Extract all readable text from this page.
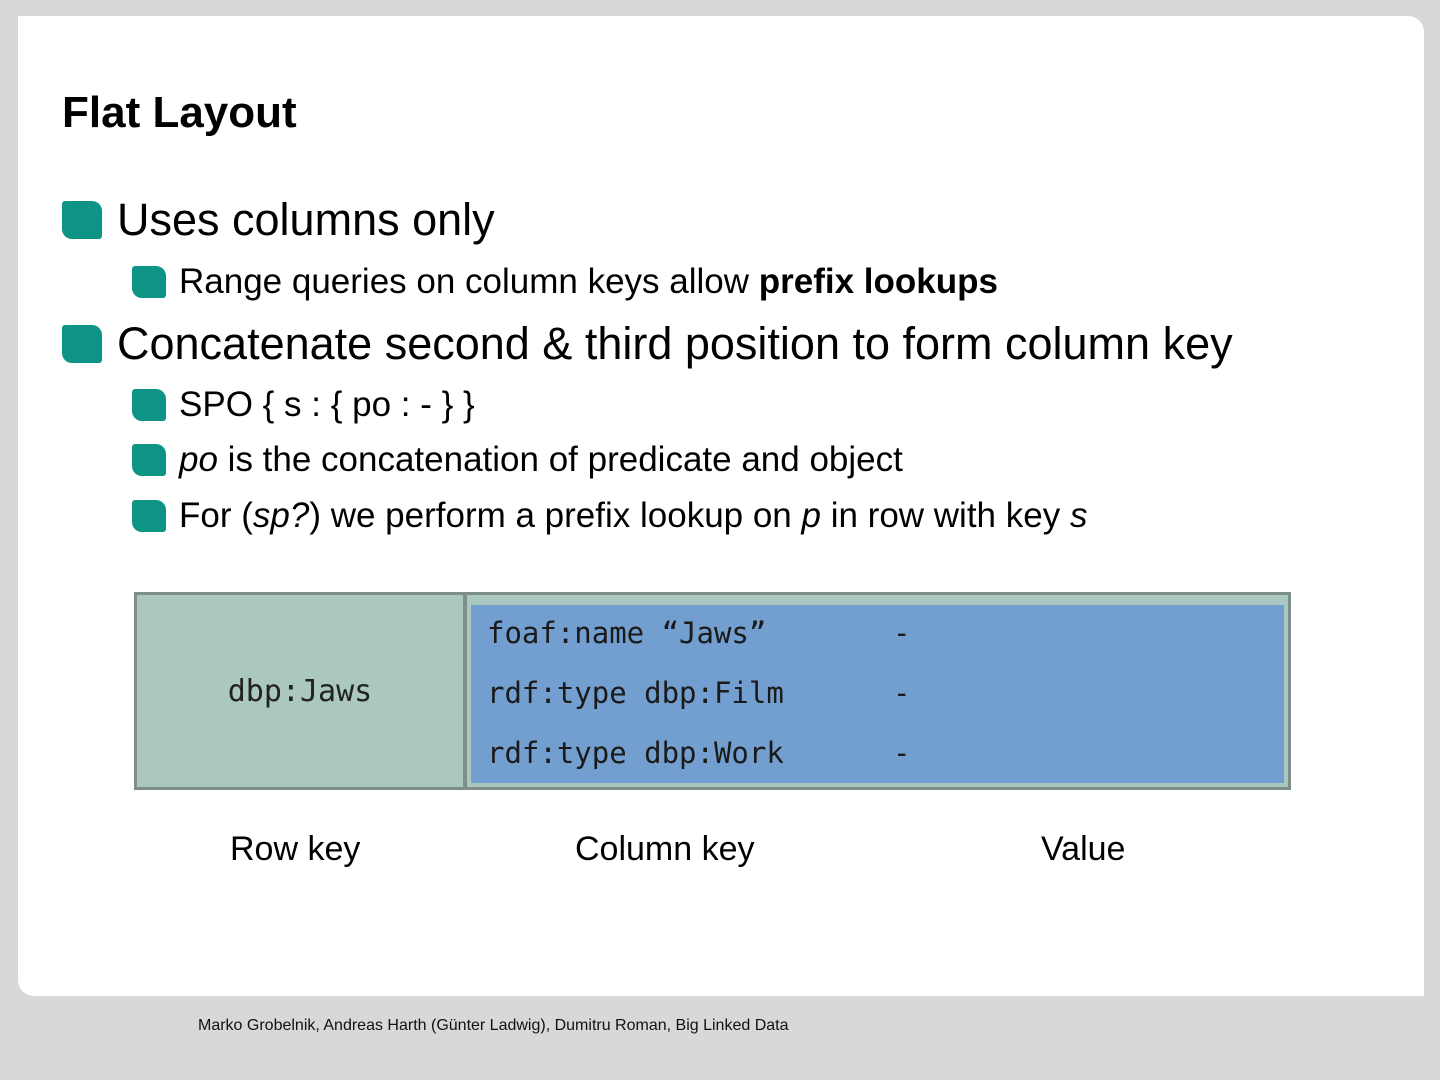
Flat Layout
Uses columns only
Range queries on column keys allow prefix lookups
Concatenate second & third position to form column key
SPO { s : { po : - } }
po is the concatenation of predicate and object
For (sp?) we perform a prefix lookup on p in row with key s
dbp:Jaws
foaf:name “Jaws”	-
rdf:type dbp:Film	-
rdf:type dbp:Work	-
Row key	Column key	Value
Marko Grobelnik, Andreas Harth (Günter Ladwig), Dumitru Roman, Big Linked Data
